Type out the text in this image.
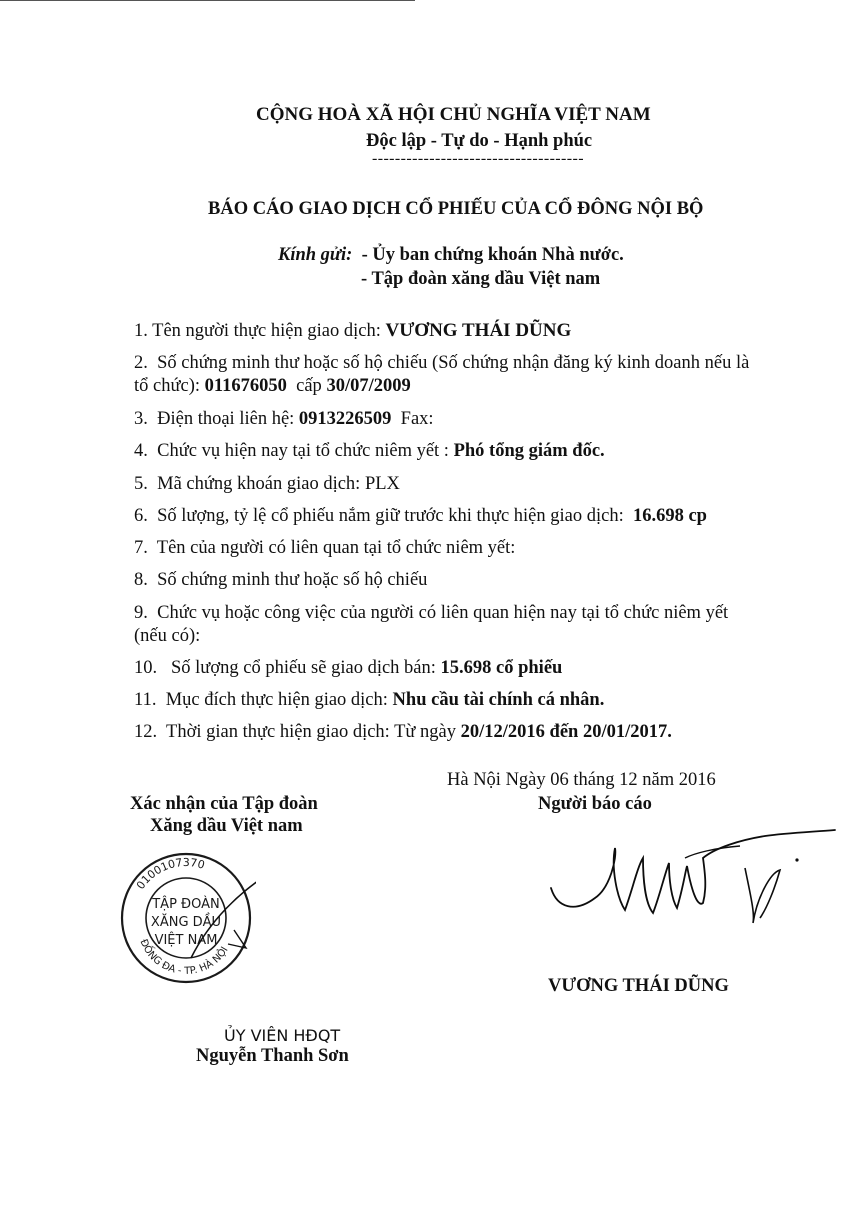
CỘNG HOÀ XÃ HỘI CHỦ NGHĨA VIỆT NAM
Độc lập - Tự do - Hạnh phúc
-------------------------------------
BÁO CÁO GIAO DỊCH CỔ PHIẾU CỦA CỔ ĐÔNG NỘI BỘ
Kính gửi: - Ủy ban chứng khoán Nhà nước.
- Tập đoàn xăng dầu Việt nam
1. Tên người thực hiện giao dịch: VƯƠNG THÁI DŨNG
2. Số chứng minh thư hoặc số hộ chiếu (Số chứng nhận đăng ký kinh doanh nếu là
tổ chức): 011676050 cấp 30/07/2009
3. Điện thoại liên hệ: 0913226509 Fax:
4. Chức vụ hiện nay tại tổ chức niêm yết : Phó tổng giám đốc.
5. Mã chứng khoán giao dịch: PLX
6. Số lượng, tỷ lệ cổ phiếu nắm giữ trước khi thực hiện giao dịch: 16.698 cp
7. Tên của người có liên quan tại tổ chức niêm yết:
8. Số chứng minh thư hoặc số hộ chiếu
9. Chức vụ hoặc công việc của người có liên quan hiện nay tại tổ chức niêm yết
(nếu có):
10. Số lượng cổ phiếu sẽ giao dịch bán: 15.698 cổ phiếu
11. Mục đích thực hiện giao dịch: Nhu cầu tài chính cá nhân.
12. Thời gian thực hiện giao dịch: Từ ngày 20/12/2016 đến 20/01/2017.
Hà Nội Ngày 06 tháng 12 năm 2016
Người báo cáo
Xác nhận của Tập đoàn
Xăng dầu Việt nam
0100107370
ĐỐNG ĐA - TP. HÀ NỘI
TẬP ĐOÀN
XĂNG DẦU
VIỆT NAM
VƯƠNG THÁI DŨNG
ỦY VIÊN HĐQT
Nguyễn Thanh Sơn
